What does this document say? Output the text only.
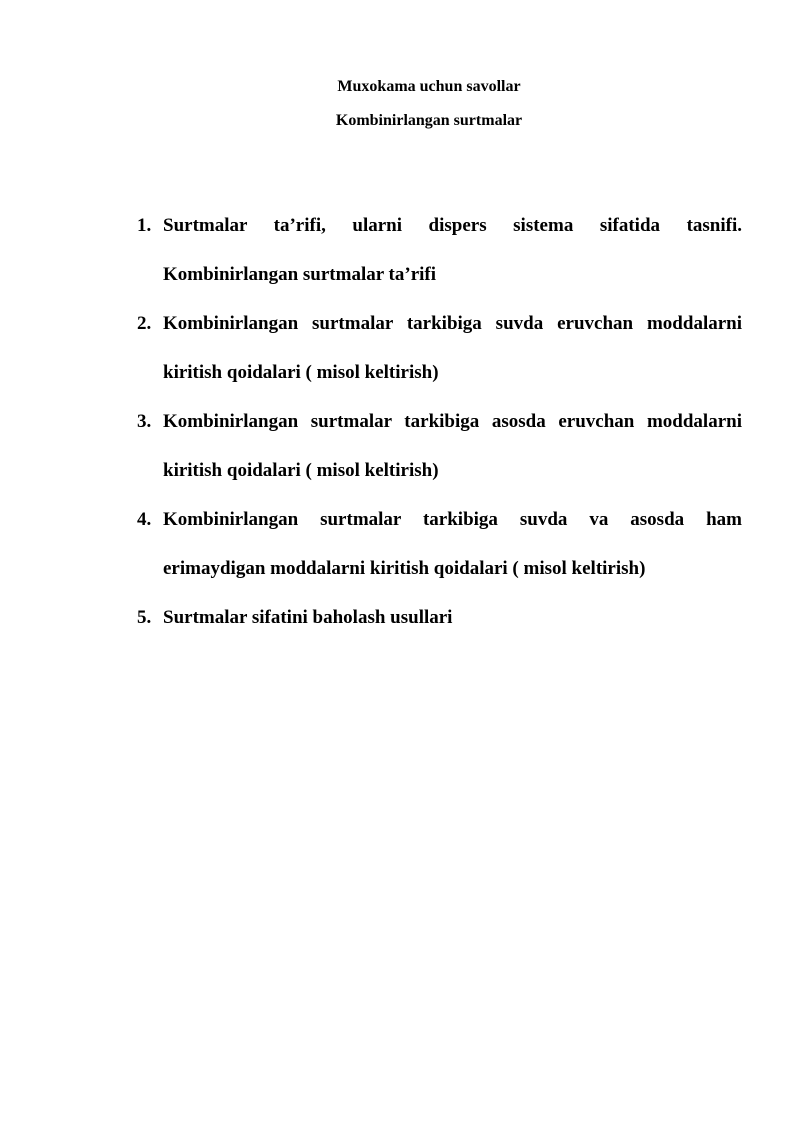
Muxokama uchun savollar
Kombinirlangan surtmalar
1. Surtmalar ta’rifi, ularni dispers sistema sifatida tasnifi. Kombinirlangan surtmalar ta’rifi
2. Kombinirlangan surtmalar tarkibiga suvda eruvchan moddalarni kiritish qoidalari ( misol keltirish)
3. Kombinirlangan surtmalar tarkibiga asosda eruvchan moddalarni kiritish qoidalari ( misol keltirish)
4. Kombinirlangan surtmalar tarkibiga suvda va asosda ham erimaydigan moddalarni kiritish qoidalari ( misol keltirish)
5. Surtmalar sifatini baholash usullari
